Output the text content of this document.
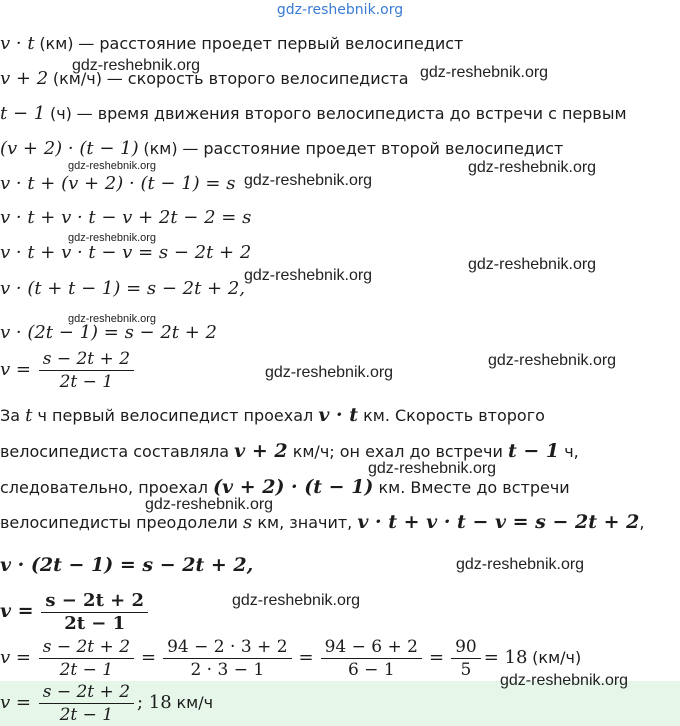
gdz-reshebnik.org
v · t (км) — расстояние проедет первый велосипедист
v + 2 (км/ч) — скорость второго велосипедиста
t − 1 (ч) — время движения второго велосипедиста до встречи с первым
(v + 2) · (t − 1) (км) — расстояние проедет второй велосипедист
v · t + (v + 2) · (t − 1) = s
v · t + v · t − v + 2t − 2 = s
v · t + v · t − v = s − 2t + 2
v · (t + t − 1) = s − 2t + 2,
v · (2t − 1) = s − 2t + 2
$v = \frac{s - 2t + 2}{2t - 1}$
За t ч первый велосипедист проехал v · t км. Скорость второго
велосипедиста составляла v + 2 км/ч; он ехал до встречи t − 1 ч,
следовательно, проехал (v + 2) · (t − 1) км. Вместе до встречи
велосипедисты преодолели s км, значит, v · t + v · t − v = s − 2t + 2,
v · (2t − 1) = s − 2t + 2,
$v = \frac{s - 2t + 2}{2t - 1}$
$v = \frac{s - 2t + 2}{2t - 1} = \frac{94 - 2 \cdot 3 + 2}{2 \cdot 3 - 1} = \frac{94 - 6 + 2}{6 - 1} = \frac{90}{5} = 18$ (км/ч)
$v = \frac{s - 2t + 2}{2t - 1}$ ; 18 км/ч
gdz-reshebnik.org	gdz-reshebnik.org
gdz-reshebnik.org	gdz-reshebnik.org
gdz-reshebnik.org
gdz-reshebnik.org
gdz-reshebnik.org
gdz-reshebnik.org
gdz-reshebnik.org
gdz-reshebnik.org
gdz-reshebnik.org
gdz-reshebnik.org
gdz-reshebnik.org
gdz-reshebnik.org
gdz-reshebnik.org
gdz-reshebnik.org
